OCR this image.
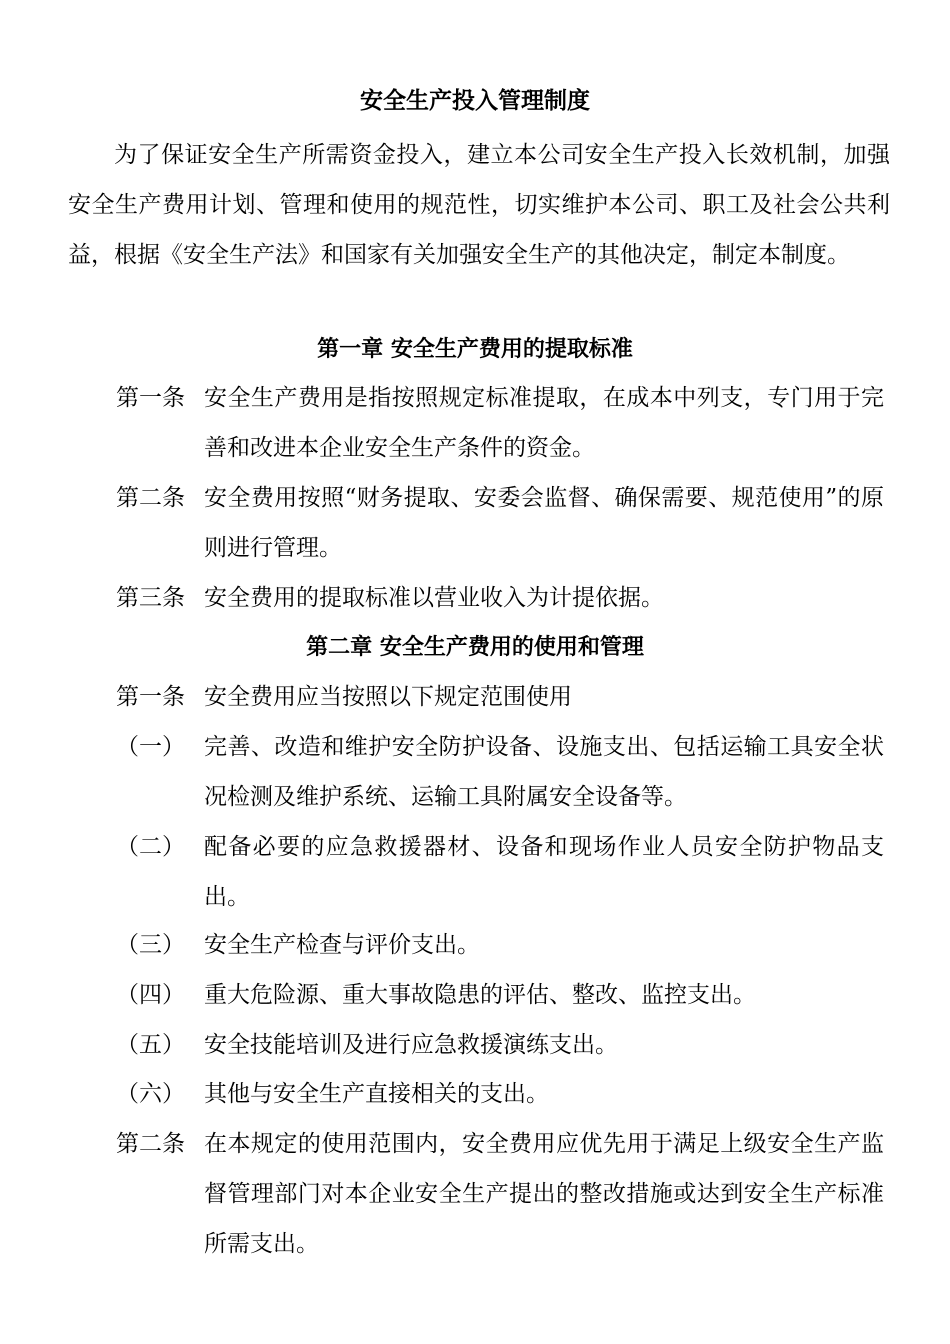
安全生产投入管理制度
为了保证安全生产所需资金投入，建立本公司安全生产投入长效机制，加强安全生产费用计划、管理和使用的规范性，切实维护本公司、职工及社会公共利益，根据《安全生产法》和国家有关加强安全生产的其他决定，制定本制度。
第一章 安全生产费用的提取标准
第一条 安全生产费用是指按照规定标准提取，在成本中列支，专门用于完善和改进本企业安全生产条件的资金。
第二条 安全费用按照“财务提取、安委会监督、确保需要、规范使用”的原则进行管理。
第三条 安全费用的提取标准以营业收入为计提依据。
第二章 安全生产费用的使用和管理
第一条 安全费用应当按照以下规定范围使用
（一） 完善、改造和维护安全防护设备、设施支出、包括运输工具安全状况检测及维护系统、运输工具附属安全设备等。
（二） 配备必要的应急救援器材、设备和现场作业人员安全防护物品支出。
（三） 安全生产检查与评价支出。
（四） 重大危险源、重大事故隐患的评估、整改、监控支出。
（五） 安全技能培训及进行应急救援演练支出。
（六） 其他与安全生产直接相关的支出。
第二条 在本规定的使用范围内，安全费用应优先用于满足上级安全生产监督管理部门对本企业安全生产提出的整改措施或达到安全生产标准所需支出。
